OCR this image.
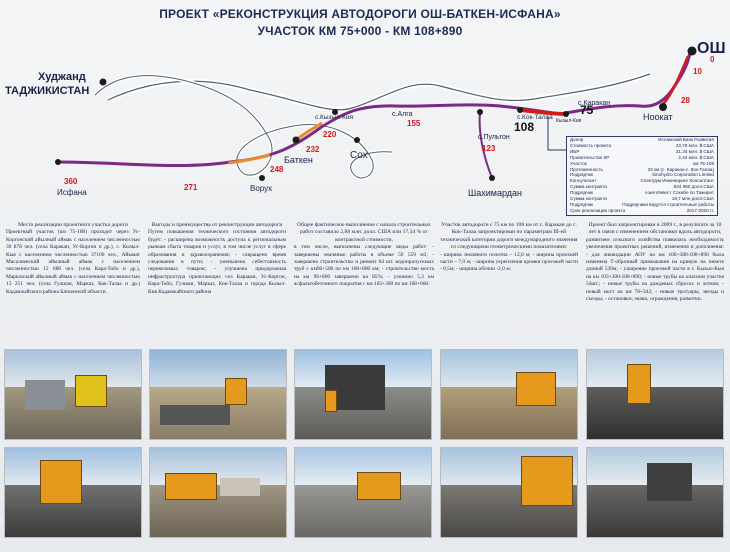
ПРОЕКТ «РЕКОНСТРУКЦИЯ АВТОДОРОГИ ОШ-БАТКЕН-ИСФАНА»
УЧАСТОК КМ 75+000 - КМ 108+890
Худжанд
ТАДЖИКИСТАН
Исфана	Ворух
Баткен	Сох
с.Кызыл-Кия	с.Алга
с.Пульгон
Шахимардан
с.Кок-Талаа
с.Каракан
Кызыл-Кия	Ноокат
ОШ
360
271
248
232
220
155
123
28
10
0
75
108
Донор	Исламский Банк Развития
Стоимость проекта	23,78 млн. $ США
ИБР	21,34 млн. $ США
Правительство КР	2,44 млн. $ США
Участок	км 75-108
Протяженность	33 км (с. Каракан-с. Кок-Талаа)
Подрядчик	Sinohydro Corporation Limited
Консультант	Спектрум Инжиниринг Консалтант
Сумма контракта	634 960 долл.США
Подрядчик	Азия Инвест Сохибе по Тажирет
Сумма контракта	18,7 млн долл.США
Подрядчик	Подрядчики ведутся строительные работы
Срок реализации проекта	2017-2020 гг.
Место реализации проектного участка дороги

Проектный участок (км 75-108) проходит через Ус-Коргонский айылный аймак с населением численностью 30 878 чел. (села Каракан, Ус-Коргон и др.), с. Кызыл-Кыя с населением численностью 37100 чел., Айымат Масалиевский айылный аймак с населением численностью 12 688 чел. (села Кара-Тобо и др.), Марказский айылный аймак с населением численностью 13 251 чел. (села Гулшан, Марказ, Кок-Талаа и др.) Кадамжайского района Баткенской области.

Выгоды и преимущества от реконструкции автодороги

Путем повышения технического состояния автодороги будет: - расширена возможность доступа к региональным рынкам сбыта товаров и услуг, в том числе услуг в сфере образования и здравоохранения; - сокращено время следования в пути; - уменьшена себестоимость перевозимых товаров; - улучшена придорожная инфраструктура прилегающих сел Каракан, Ус-Коргон, Кара-Тобо, Гулшан, Марказ, Кок-Талаа и города Кызыл-Кия Кадамжайского района

Общее фактическое выполнение с начала строительных работ составило 2,88 млн. долл. США или 17,34 % от контрактной стоимости,

в том числе, выполнены следующие виды работ: - завершены земляные работы в объеме 59 559 м3; - завершено строительство и ремонт 64 шт. водопропускных труб с км96+500 по км 108+890 км; - строительство моста на км 96+896 завершено на 85%; - уложено 5,3 км асфальтобетонного покрытия с км 103+300 по км 108+660.

Участок автодороги с 75 км по 108 км от с. Каракан до с. Кок-Талаа запроектирован по параметрам III-ей технической категории дороги международного значения со следующими геометрическими показателями:

- ширина земляного полотна – 12,0 м; - ширина проезжей части – 7,0 м; - ширина укрепления кромки проезжей части - 0,5м; - ширина обочин -2,0 м;

Проект был запроектирован в 2009 г., в результате за 10 лет в связи с изменением обстановки вдоль автодороги,

развитием сельского хозяйства появилась необходимость увеличения проектных решений, изменения и дополнения: - для ликвидации АОУ на км 108+380-108+890 была изменена Т-образный примыкания на кривую на пикете длиной 530м; - уширение проезжей части в г. Кызыл-Кыя на км 103+300-108+890; - новые трубы на опасном участке 54шт.; - новые трубы на дождевых сбросах и лотков; - новый мост на км 78+342; - новые тротуары, звезды и съезды; - остановки, знаки, ограждения, разметки.
